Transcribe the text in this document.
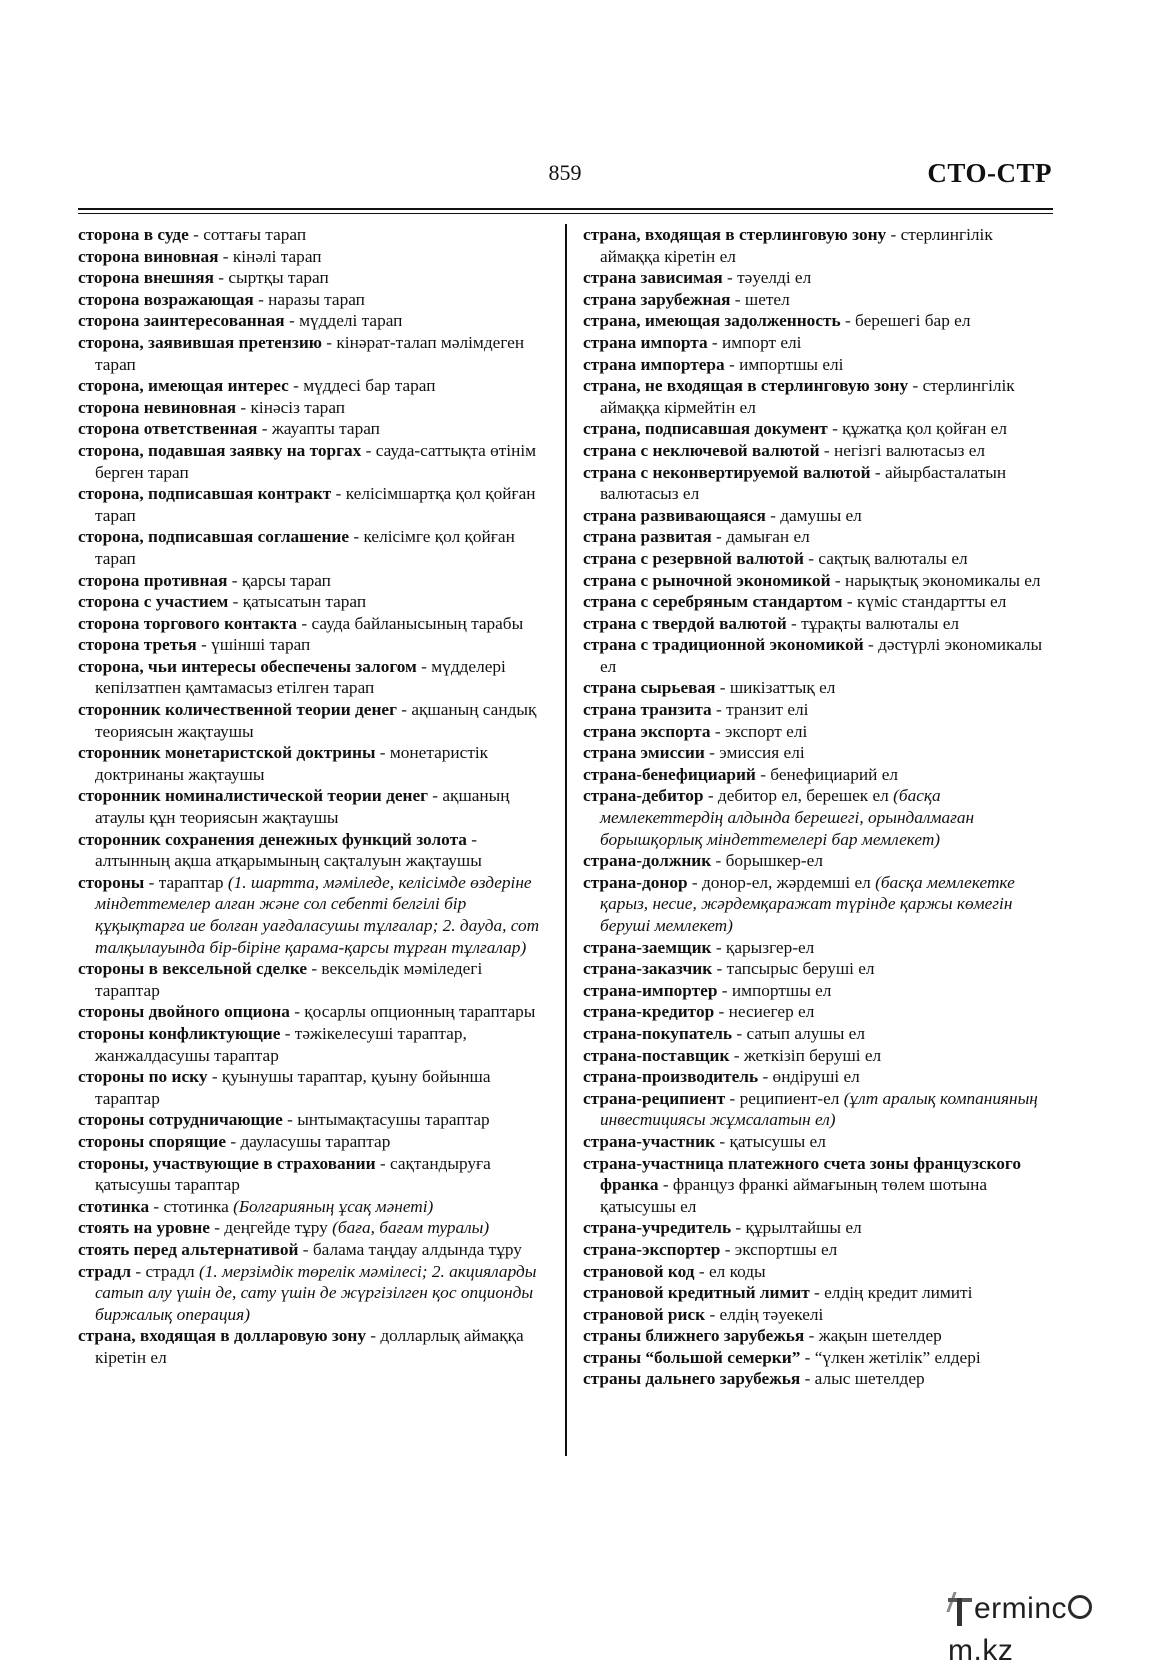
859	СТО-СТР

сторона в суде - соттағы тарап

сторона виновная - кінәлі тарап

сторона внешняя - сыртқы тарап

сторона возражающая - наразы тарап

сторона заинтересованная - мүдделі тарап

сторона, заявившая претензию - кінәрат-талап мәлімдеген тарап

сторона, имеющая интерес - мүддесі бар тарап

сторона невиновная - кінәсіз тарап

сторона ответственная - жауапты тарап

сторона, подавшая заявку на торгах - сауда-саттықта өтінім берген тарап

сторона, подписавшая контракт - келісімшартқа қол қойған тарап

сторона, подписавшая соглашение - келісімге қол қойған тарап

сторона противная - қарсы тарап

сторона с участием - қатысатын тарап

сторона торгового контакта - сауда байланысының тарабы

сторона третья - үшінші тарап

сторона, чьи интересы обеспечены залогом - мүдделері кепілзатпен қамтамасыз етілген тарап

сторонник количественной теории денег - ақшаның сандық теориясын жақтаушы

сторонник монетаристской доктрины - монетаристік доктринаны жақтаушы

сторонник номиналистической теории денег - ақшаның атаулы құн теориясын жақтаушы

сторонник сохранения денежных функций золота - алтынның ақша атқарымының сақталуын жақтаушы

стороны - тараптар (1. шартта, мәміледе, келісімде өздеріне міндеттемелер алған және сол себепті белгілі бір құқықтарға ие болған уағдаласушы тұлғалар; 2. дауда, сот талқылауында бір-біріне қарама-қарсы тұрған тұлғалар)

стороны в вексельной сделке - вексельдік мәміледегі тараптар

стороны двойного опциона - қосарлы опционның тараптары

стороны конфликтующие - тәжікелесуші тараптар, жанжалдасушы тараптар

стороны по иску - қуынушы тараптар, қуыну бойынша тараптар

стороны сотрудничающие - ынтымақтасушы тараптар

стороны спорящие - дауласушы тараптар

стороны, участвующие в страховании - сақтандыруға қатысушы тараптар

стотинка - стотинка (Болгарияның ұсақ мәнеті)

стоять на уровне - деңгейде тұру (баға, бағам туралы)

стоять перед альтернативой - балама таңдау алдында тұру

страдл - страдл (1. мерзімдік төрелік мәмілесі; 2. акцияларды сатып алу үшін де, сату үшін де жүргізілген қос опционды биржалық операция)

страна, входящая в долларовую зону - долларлық аймаққа кіретін ел

страна, входящая в стерлинговую зону - стерлингілік аймаққа кіретін ел

страна зависимая - тәуелді ел

страна зарубежная - шетел

страна, имеющая задолженность - берешегі бар ел

страна импорта - импорт елі

страна импортера - импортшы елі

страна, не входящая в стерлинговую зону - стерлингілік аймаққа кірмейтін ел

страна, подписавшая документ - құжатқа қол қойған ел

страна с неключевой валютой - негізгі валютасыз ел

страна с неконвертируемой валютой - айырбасталатын валютасыз ел

страна развивающаяся - дамушы ел

страна развитая - дамыған ел

страна с резервной валютой - сақтық валюталы ел

страна с рыночной экономикой - нарықтық экономикалы ел

страна с серебряным стандартом - күміс стандартты ел

страна с твердой валютой - тұрақты валюталы ел

страна с традиционной экономикой - дәстүрлі экономикалы ел

страна сырьевая - шикізаттық ел

страна транзита - транзит елі

страна экспорта - экспорт елі

страна эмиссии - эмиссия елі

страна-бенефициарий - бенефициарий ел

страна-дебитор - дебитор ел, берешек ел (басқа мемлекеттердің алдында берешегі, орындалмаған борышқорлық міндеттемелері бар мемлекет)

страна-должник - борышкер-ел

страна-донор - донор-ел, жәрдемші ел (басқа мемлекетке қарыз, несие, жәрдемқаражат түрінде қаржы көмегін беруші мемлекет)

страна-заемщик - қарызгер-ел

страна-заказчик - тапсырыс беруші ел

страна-импортер - импортшы ел

страна-кредитор - несиегер ел

страна-покупатель - сатып алушы ел

страна-поставщик - жеткізіп беруші ел

страна-производитель - өндіруші ел

страна-реципиент - реципиент-ел (ұлт аралық компанияның инвестициясы жұмсалатын ел)

страна-участник - қатысушы ел

страна-участница платежного счета зоны французского франка - француз франкі аймағының төлем шотына қатысушы ел

страна-учредитель - құрылтайшы ел

страна-экспортер - экспортшы ел

страновой код - ел коды

страновой кредитный лимит - елдің кредит лимиті

страновой риск - елдің тәуекелі

страны ближнего зарубежья - жақын шетелдер

страны “большой семерки” - “үлкен жетілік” елдері

страны дальнего зарубежья - алыс шетелдер

ermincm.kz
